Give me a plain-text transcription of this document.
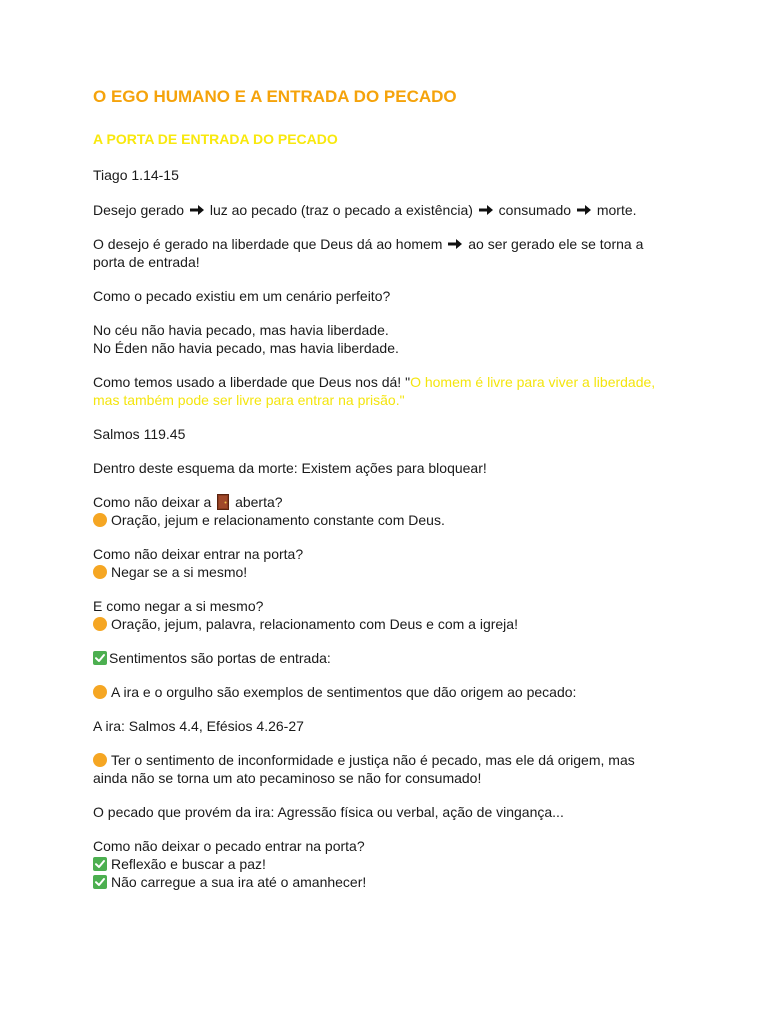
O EGO HUMANO E A ENTRADA DO PECADO
A PORTA DE ENTRADA DO PECADO

Tiago 1.14-15

Desejo gerado luz ao pecado (traz o pecado a existência) consumado morte.

O desejo é gerado na liberdade que Deus dá ao homem ao ser gerado ele se torna a
porta de entrada!

Como o pecado existiu em um cenário perfeito?

No céu não havia pecado, mas havia liberdade.
No Éden não havia pecado, mas havia liberdade.

Como temos usado a liberdade que Deus nos dá! "O homem é livre para viver a liberdade,
mas também pode ser livre para entrar na prisão."

Salmos 119.45

Dentro deste esquema da morte: Existem ações para bloquear!

Como não deixar a aberta?
Oração, jejum e relacionamento constante com Deus.

Como não deixar entrar na porta?
Negar se a si mesmo!

E como negar a si mesmo?
Oração, jejum, palavra, relacionamento com Deus e com a igreja!

Sentimentos são portas de entrada:

A ira e o orgulho são exemplos de sentimentos que dão origem ao pecado:

A ira: Salmos 4.4, Efésios 4.26-27

Ter o sentimento de inconformidade e justiça não é pecado, mas ele dá origem, mas
ainda não se torna um ato pecaminoso se não for consumado!

O pecado que provém da ira: Agressão física ou verbal, ação de vingança...

Como não deixar o pecado entrar na porta?
Reflexão e buscar a paz!
Não carregue a sua ira até o amanhecer!
